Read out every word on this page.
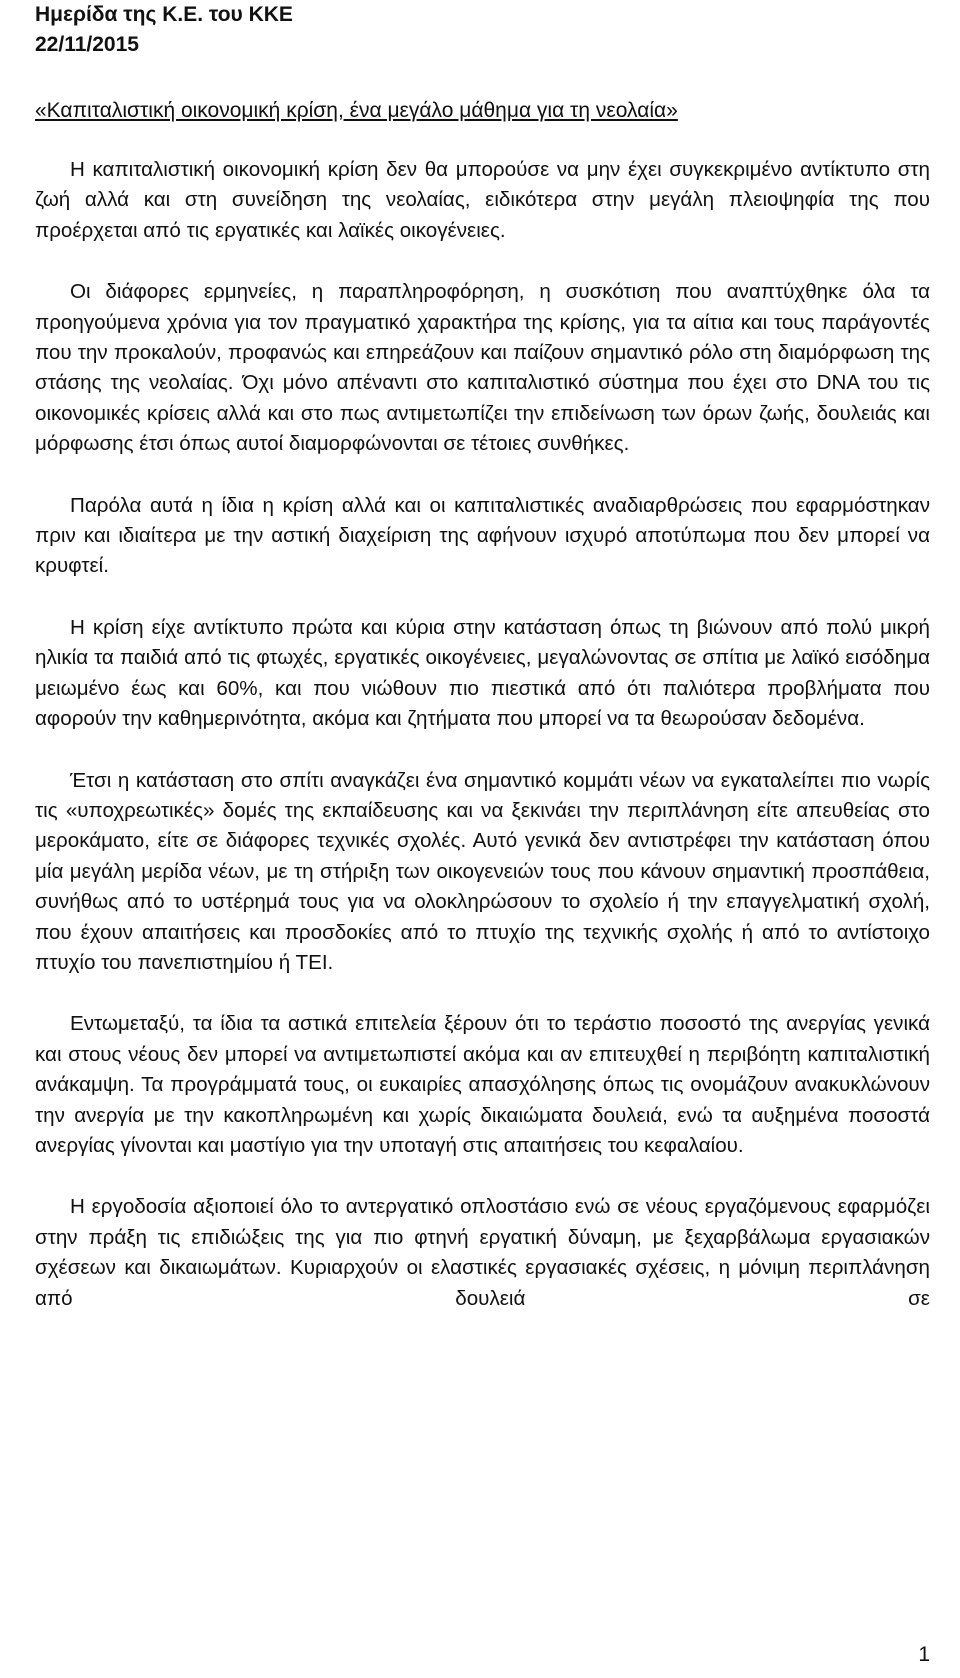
Ημερίδα της Κ.Ε. του ΚΚΕ
22/11/2015
«Καπιταλιστική οικονομική κρίση, ένα μεγάλο μάθημα για τη νεολαία»

Η καπιταλιστική οικονομική κρίση δεν θα μπορούσε να μην έχει συγκεκριμένο αντίκτυπο στη ζωή αλλά και στη συνείδηση της νεολαίας, ειδικότερα στην μεγάλη πλειοψηφία της που προέρχεται από τις εργατικές και λαϊκές οικογένειες.

Οι διάφορες ερμηνείες, η παραπληροφόρηση, η συσκότιση που αναπτύχθηκε όλα τα προηγούμενα χρόνια για τον πραγματικό χαρακτήρα της κρίσης, για τα αίτια και τους παράγοντές που την προκαλούν, προφανώς και επηρεάζουν και παίζουν σημαντικό ρόλο στη διαμόρφωση της στάσης της νεολαίας. Όχι μόνο απέναντι στο καπιταλιστικό σύστημα που έχει στο DNA του τις οικονομικές κρίσεις αλλά και στο πως αντιμετωπίζει την επιδείνωση των όρων ζωής, δουλειάς και μόρφωσης έτσι όπως αυτοί διαμορφώνονται σε τέτοιες συνθήκες.

Παρόλα αυτά η ίδια η κρίση αλλά και οι καπιταλιστικές αναδιαρθρώσεις που εφαρμόστηκαν πριν και ιδιαίτερα με την αστική διαχείριση της αφήνουν ισχυρό αποτύπωμα που δεν μπορεί να κρυφτεί.

Η κρίση είχε αντίκτυπο πρώτα και κύρια στην κατάσταση όπως τη βιώνουν από πολύ μικρή ηλικία τα παιδιά από τις φτωχές, εργατικές οικογένειες, μεγαλώνοντας σε σπίτια με λαϊκό εισόδημα μειωμένο έως και 60%, και που νιώθουν πιο πιεστικά από ότι παλιότερα προβλήματα που αφορούν την καθημερινότητα, ακόμα και ζητήματα που μπορεί να τα θεωρούσαν δεδομένα.

Έτσι η κατάσταση στο σπίτι αναγκάζει ένα σημαντικό κομμάτι νέων να εγκαταλείπει πιο νωρίς τις «υποχρεωτικές» δομές της εκπαίδευσης και να ξεκινάει την περιπλάνηση είτε απευθείας στο μεροκάματο, είτε σε διάφορες τεχνικές σχολές. Αυτό γενικά δεν αντιστρέφει την κατάσταση όπου μία μεγάλη μερίδα νέων, με τη στήριξη των οικογενειών τους που κάνουν σημαντική προσπάθεια, συνήθως από το υστέρημά τους για να ολοκληρώσουν το σχολείο ή την επαγγελματική σχολή, που έχουν απαιτήσεις και προσδοκίες από το πτυχίο της τεχνικής σχολής ή από το αντίστοιχο πτυχίο του πανεπιστημίου ή ΤΕΙ.

Εντωμεταξύ, τα ίδια τα αστικά επιτελεία ξέρουν ότι το τεράστιο ποσοστό της ανεργίας γενικά και στους νέους δεν μπορεί να αντιμετωπιστεί ακόμα και αν επιτευχθεί η περιβόητη καπιταλιστική ανάκαμψη. Τα προγράμματά τους, οι ευκαιρίες απασχόλησης όπως τις ονομάζουν ανακυκλώνουν την ανεργία με την κακοπληρωμένη και χωρίς δικαιώματα δουλειά, ενώ τα αυξημένα ποσοστά ανεργίας γίνονται και μαστίγιο για την υποταγή στις απαιτήσεις του κεφαλαίου.

Η εργοδοσία αξιοποιεί όλο το αντεργατικό οπλοστάσιο ενώ σε νέους εργαζόμενους εφαρμόζει στην πράξη τις επιδιώξεις της για πιο φτηνή εργατική δύναμη, με ξεχαρβάλωμα εργασιακών σχέσεων και δικαιωμάτων. Κυριαρχούν οι ελαστικές εργασιακές σχέσεις, η μόνιμη περιπλάνηση από δουλειά σε

1
